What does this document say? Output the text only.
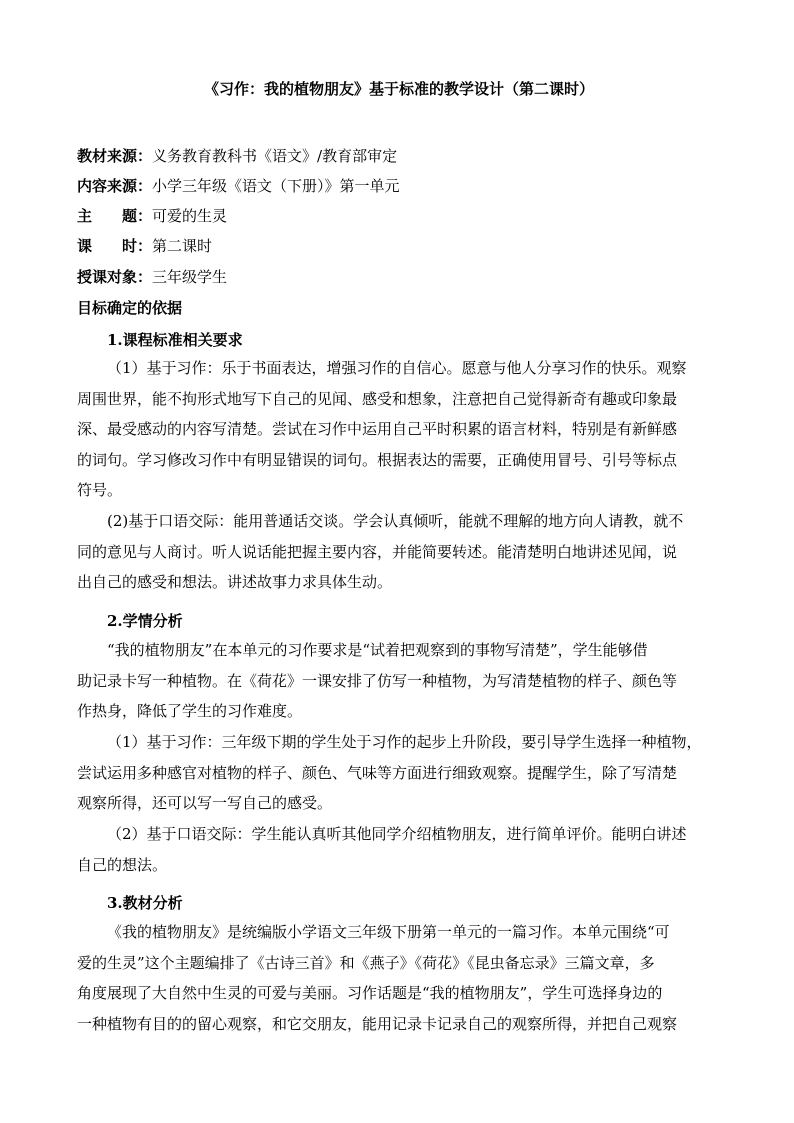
《习作：我的植物朋友》基于标准的教学设计（第二课时）
教材来源：义务教育教科书《语文》/教育部审定
内容来源：小学三年级《语文（下册）》第一单元
主　　题：可爱的生灵
课　　时：第二课时
授课对象：三年级学生
目标确定的依据
1.课程标准相关要求
（1）基于习作：乐于书面表达，增强习作的自信心。愿意与他人分享习作的快乐。观察
周围世界，能不拘形式地写下自己的见闻、感受和想象，注意把自己觉得新奇有趣或印象最
深、最受感动的内容写清楚。尝试在习作中运用自己平时积累的语言材料，特别是有新鲜感
的词句。学习修改习作中有明显错误的词句。根据表达的需要，正确使用冒号、引号等标点
符号。
(2)基于口语交际：能用普通话交谈。学会认真倾听，能就不理解的地方向人请教，就不
同的意见与人商讨。听人说话能把握主要内容，并能简要转述。能清楚明白地讲述见闻，说
出自己的感受和想法。讲述故事力求具体生动。
2.学情分析
“我的植物朋友”在本单元的习作要求是“试着把观察到的事物写清楚”，学生能够借
助记录卡写一种植物。在《荷花》一课安排了仿写一种植物，为写清楚植物的样子、颜色等
作热身，降低了学生的习作难度。
（1）基于习作：三年级下期的学生处于习作的起步上升阶段，要引导学生选择一种植物，
尝试运用多种感官对植物的样子、颜色、气味等方面进行细致观察。提醒学生，除了写清楚
观察所得，还可以写一写自己的感受。
（2）基于口语交际：学生能认真听其他同学介绍植物朋友，进行简单评价。能明白讲述
自己的想法。
3.教材分析
《我的植物朋友》是统编版小学语文三年级下册第一单元的一篇习作。本单元围绕“可
爱的生灵”这个主题编排了《古诗三首》和《燕子》《荷花》《昆虫备忘录》三篇文章，多
角度展现了大自然中生灵的可爱与美丽。习作话题是“我的植物朋友”，学生可选择身边的
一种植物有目的的留心观察，和它交朋友，能用记录卡记录自己的观察所得，并把自己观察
